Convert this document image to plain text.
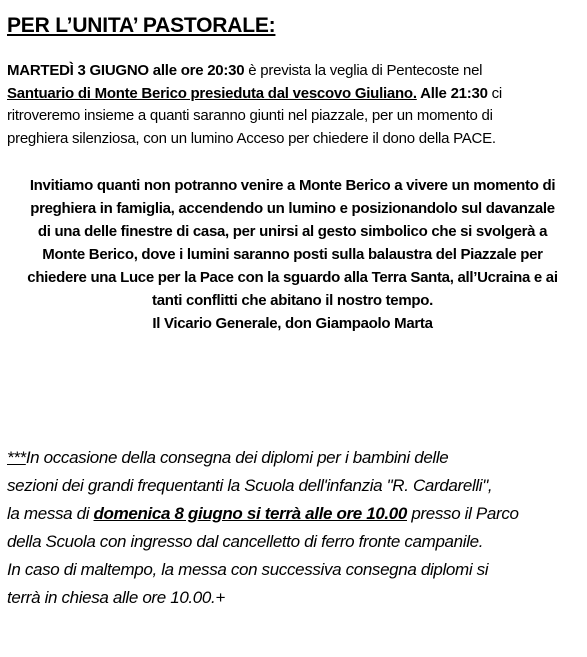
PER L’UNITA’ PASTORALE:

MARTEDÌ 3 GIUGNO alle ore 20:30 è prevista la veglia di Pentecoste nel
Santuario di Monte Berico presieduta dal vescovo Giuliano. Alle 21:30 ci
ritroveremo insieme a quanti saranno giunti nel piazzale, per un momento di
preghiera silenziosa, con un lumino Acceso per chiedere il dono della PACE.

Invitiamo quanti non potranno venire a Monte Berico a vivere un momento di
preghiera in famiglia, accendendo un lumino e posizionandolo sul davanzale
di una delle finestre di casa, per unirsi al gesto simbolico che si svolgerà a
Monte Berico, dove i lumini saranno posti sulla balaustra del Piazzale per
chiedere una Luce per la Pace con la sguardo alla Terra Santa, all’Ucraina e ai
tanti conflitti che abitano il nostro tempo.
Il Vicario Generale, don Giampaolo Marta

***In occasione della consegna dei diplomi per i bambini delle
sezioni dei grandi frequentanti la Scuola dell'infanzia "R. Cardarelli",
la messa di domenica 8 giugno si terrà alle ore 10.00 presso il Parco
della Scuola con ingresso dal cancelletto di ferro fronte campanile.
In caso di maltempo, la messa con successiva consegna diplomi si
terrà in chiesa alle ore 10.00.+
